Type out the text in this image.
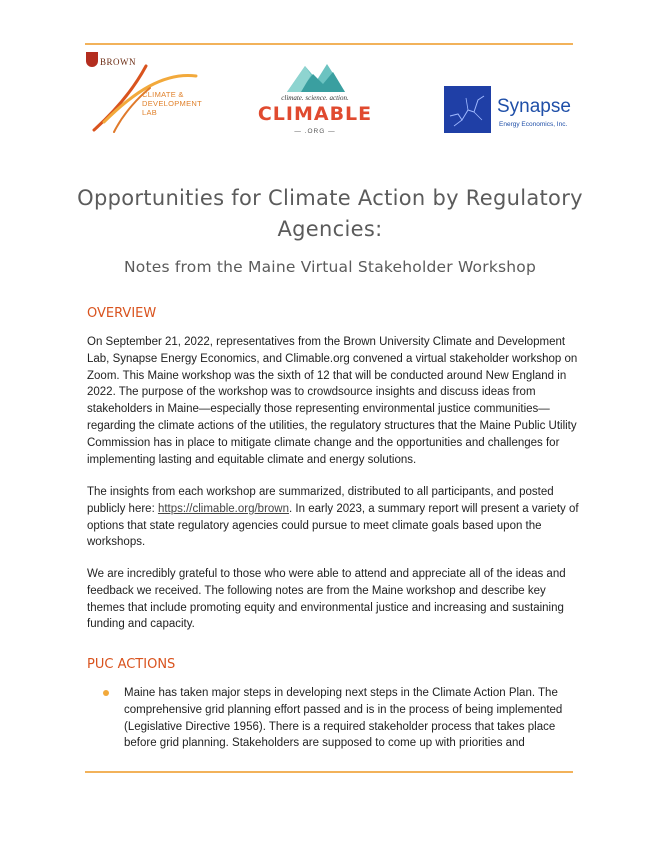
BROWN
CLIMATE &
DEVELOPMENT
LAB
climate. science. action.
CLIMABLE
— .ORG —
Synapse
Energy Economics, Inc.
Opportunities for Climate Action by Regulatory Agencies:
Notes from the Maine Virtual Stakeholder Workshop
OVERVIEW
On September 21, 2022, representatives from the Brown University Climate and Development Lab, Synapse Energy Economics, and Climable.org convened a virtual stakeholder workshop on Zoom. This Maine workshop was the sixth of 12 that will be conducted around New England in 2022. The purpose of the workshop was to crowdsource insights and discuss ideas from stakeholders in Maine—especially those representing environmental justice communities—regarding the climate actions of the utilities, the regulatory structures that the Maine Public Utility Commission has in place to mitigate climate change and the opportunities and challenges for implementing lasting and equitable climate and energy solutions.
The insights from each workshop are summarized, distributed to all participants, and posted publicly here: https://climable.org/brown. In early 2023, a summary report will present a variety of options that state regulatory agencies could pursue to meet climate goals based upon the workshops.
We are incredibly grateful to those who were able to attend and appreciate all of the ideas and feedback we received. The following notes are from the Maine workshop and describe key themes that include promoting equity and environmental justice and increasing and sustaining funding and capacity.
PUC ACTIONS
Maine has taken major steps in developing next steps in the Climate Action Plan. The comprehensive grid planning effort passed and is in the process of being implemented (Legislative Directive 1956). There is a required stakeholder process that takes place before grid planning. Stakeholders are supposed to come up with priorities and
